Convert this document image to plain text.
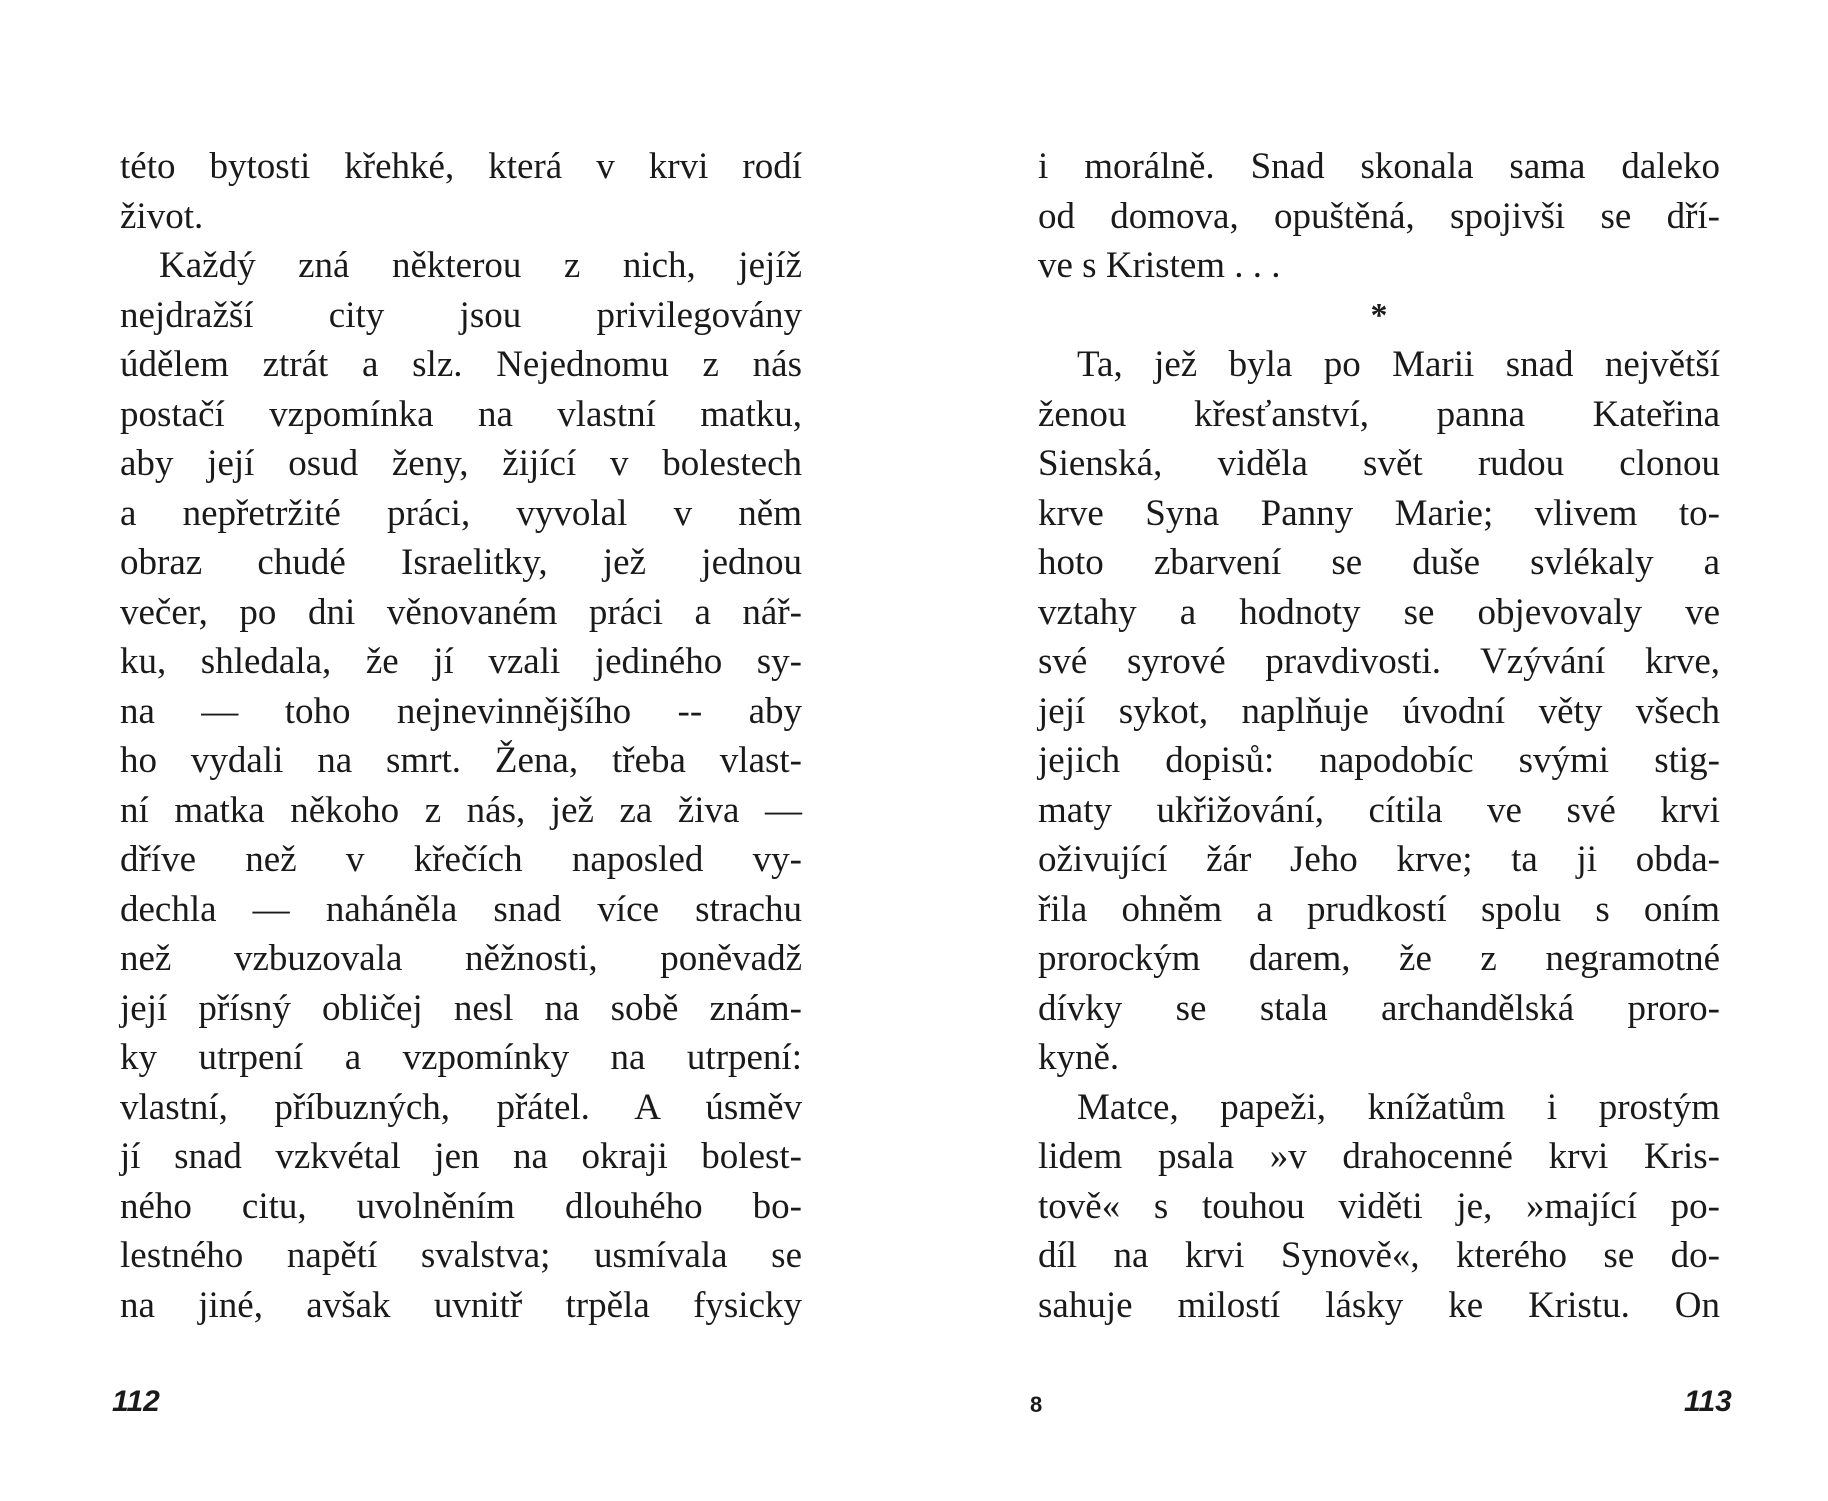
této bytosti křehké, která v krvi rodí
život.
Každý zná některou z nich, jejíž
nejdražší city jsou privilegovány
údělem ztrát a slz. Nejednomu z nás
postačí vzpomínka na vlastní matku,
aby její osud ženy, žijící v bolestech
a nepřetržité práci, vyvolal v něm
obraz chudé Israelitky, jež jednou
večer, po dni věnovaném práci a nář-
ku, shledala, že jí vzali jediného sy-
na — toho nejnevinnějšího -- aby
ho vydali na smrt. Žena, třeba vlast-
ní matka někoho z nás, jež za živa —
dříve než v křečích naposled vy-
dechla — naháněla snad více strachu
než vzbuzovala něžnosti, poněvadž
její přísný obličej nesl na sobě znám-
ky utrpení a vzpomínky na utrpení:
vlastní, příbuzných, přátel. A úsměv
jí snad vzkvétal jen na okraji bolest-
ného citu, uvolněním dlouhého bo-
lestného napětí svalstva; usmívala se
na jiné, avšak uvnitř trpěla fysicky
112	8
i morálně. Snad skonala sama daleko
od domova, opuštěná, spojivši se dří-
ve s Kristem . . .
*
Ta, jež byla po Marii snad největší
ženou křesťanství, panna Kateřina
Sienská, viděla svět rudou clonou
krve Syna Panny Marie; vlivem to-
hoto zbarvení se duše svlékaly a
vztahy a hodnoty se objevovaly ve
své syrové pravdivosti. Vzývání krve,
její sykot, naplňuje úvodní věty všech
jejich dopisů: napodobíc svými stig-
maty ukřižování, cítila ve své krvi
oživující žár Jeho krve; ta ji obda-
řila ohněm a prudkostí spolu s oním
prorockým darem, že z negramotné
dívky se stala archandělská proro-
kyně.
Matce, papeži, knížatům i prostým
lidem psala »v drahocenné krvi Kris-
tově« s touhou viděti je, »mající po-
díl na krvi Synově«, kterého se do-
sahuje milostí lásky ke Kristu. On
113
